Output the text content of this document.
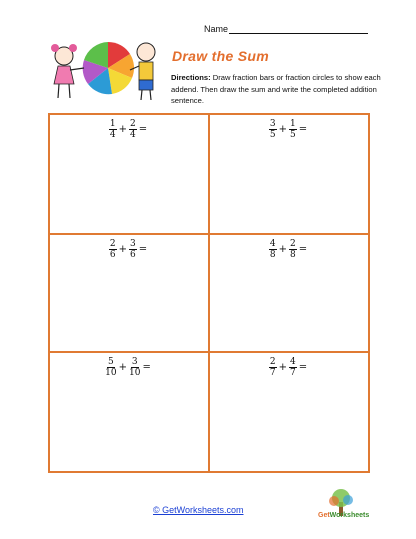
Name
Draw the Sum
Directions: Draw fraction bars or fraction circles to show each addend. Then draw the sum and write the completed addition sentence.
$\frac{1}{4} + \frac{2}{4}$ =	$\frac{3}{5} + \frac{1}{5}$ =
$\frac{2}{6} + \frac{3}{6}$ =	$\frac{4}{8} + \frac{2}{8}$ =
$\frac{5}{10} + \frac{3}{10}$ =	$\frac{2}{7} + \frac{4}{7}$ =
© GetWorksheets.com
GetWorksheets
